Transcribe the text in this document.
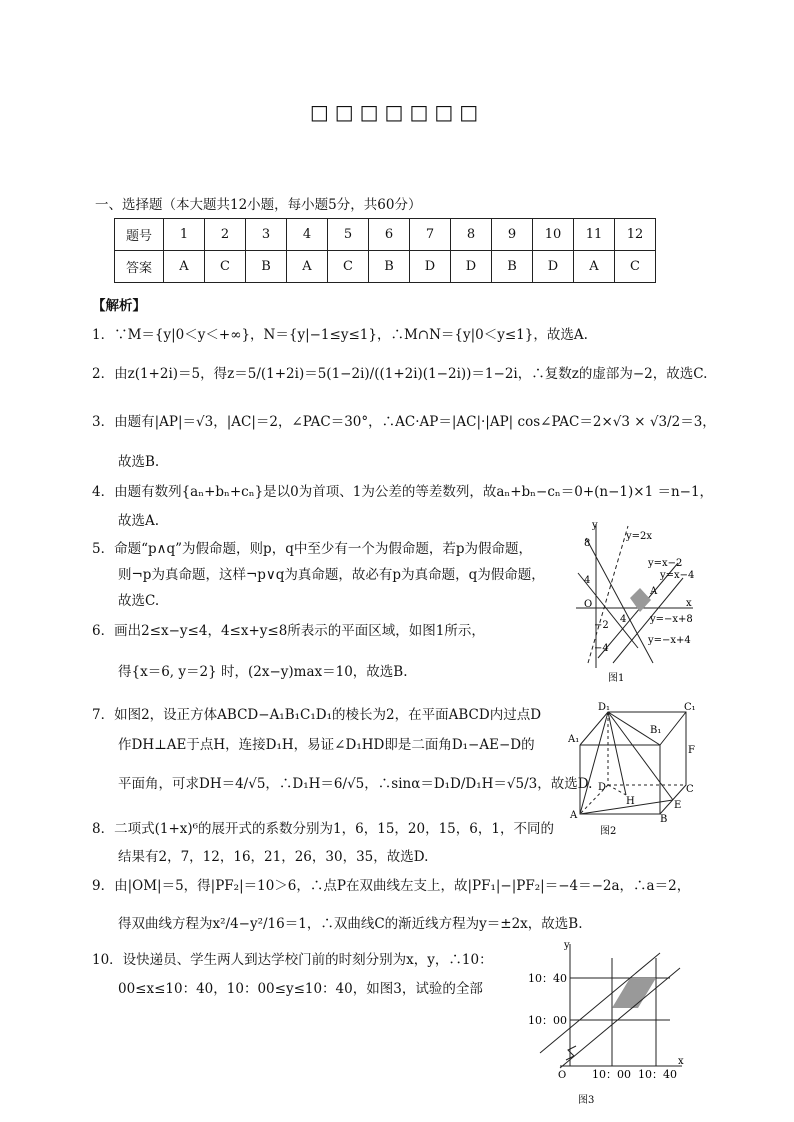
□□□□□□□
一、选择题（本大题共12小题，每小题5分，共60分）
题号	1	2	3	4	5	6	7	8	9	10	11	12
答案	A	C	B	A	C	B	D	D	B	D	A	C
【解析】
1．∵M＝{y|0＜y＜+∞}，N＝{y|−1≤y≤1}，∴M∩N＝{y|0＜y≤1}，故选A.
2．由z(1+2i)＝5，得z＝5/(1+2i)＝5(1−2i)/((1+2i)(1−2i))＝1−2i，∴复数z的虚部为−2，故选C.
3．由题有|AP|＝√3，|AC|＝2，∠PAC＝30°，∴AC·AP＝|AC|·|AP| cos∠PAC＝2×√3 × √3/2＝3，
故选B.
4．由题有数列{aₙ+bₙ+cₙ}是以0为首项、1为公差的等差数列，故aₙ+bₙ−cₙ＝0+(n−1)×1 ＝n−1，
故选A.
5．命题“p∧q”为假命题，则p，q中至少有一个为假命题，若p为假命题，
则¬p为真命题，这样¬p∨q为真命题，故必有p为真命题，q为假命题，
故选C.
6．画出2≤x−y≤4，4≤x+y≤8所表示的平面区域，如图1所示，
得{x＝6, y＝2} 时，(2x−y)max＝10，故选B.
7．如图2，设正方体ABCD−A₁B₁C₁D₁的棱长为2，在平面ABCD内过点D
作DH⊥AE于点H，连接D₁H，易证∠D₁HD即是二面角D₁−AE−D的
平面角，可求DH＝4/√5，∴D₁H＝6/√5，∴sinα＝D₁D/D₁H＝√5/3，故选D.
8．二项式(1+x)⁶的展开式的系数分别为1，6，15，20，15，6，1，不同的
结果有2，7，12，16，21，26，30，35，故选D.
9．由|OM|＝5，得|PF₂|＝10＞6，∴点P在双曲线左支上，故|PF₁|−|PF₂|＝−4＝−2a，∴a＝2，
得双曲线方程为x²/4−y²/16＝1，∴双曲线C的渐近线方程为y＝±2x，故选B.
10．设快递员、学生两人到达学校门前的时刻分别为x，y，∴10：
00≤x≤10：40，10：00≤y≤10：40，如图3，试验的全部
y
y=2x
y=x−2
y=x−4
8
4
A
x
O
4
−2
y=−x+8
−4
y=−x+4
图1
D₁	C₁
B₁
A₁
F
D
H
C
A
E
B
图2
y
10：40
10：00
O 10：00 10：40
x
图3
